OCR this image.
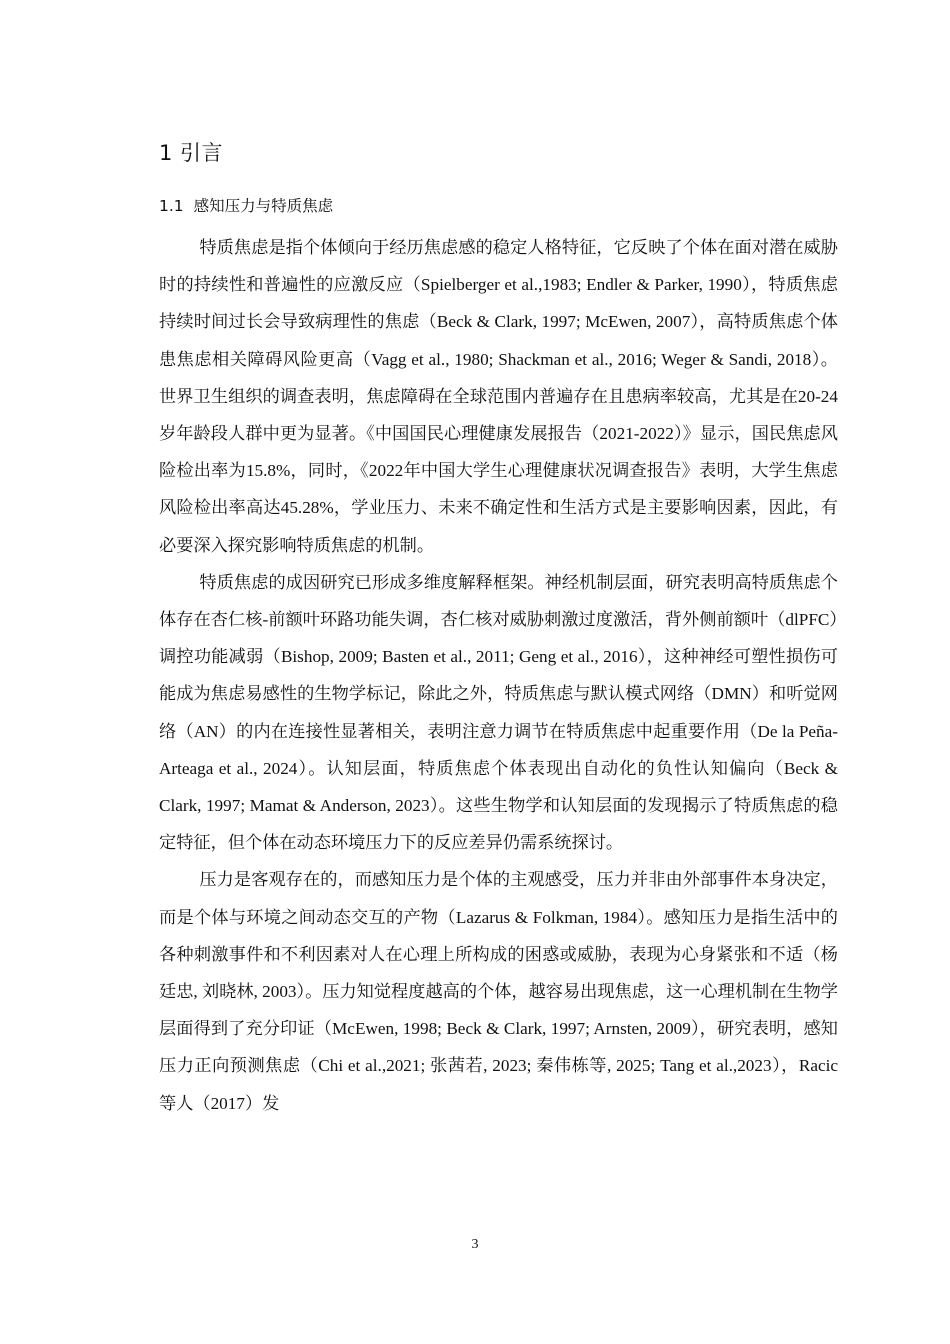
1 引言
1.1 感知压力与特质焦虑

特质焦虑是指个体倾向于经历焦虑感的稳定人格特征，它反映了个体在面对潜在威胁时的持续性和普遍性的应激反应（Spielberger et al.,1983; Endler & Parker, 1990），特质焦虑持续时间过长会导致病理性的焦虑（Beck & Clark, 1997; McEwen, 2007），高特质焦虑个体患焦虑相关障碍风险更高（Vagg et al., 1980; Shackman et al., 2016; Weger & Sandi, 2018）。世界卫生组织的调查表明，焦虑障碍在全球范围内普遍存在且患病率较高，尤其是在20-24岁年龄段人群中更为显著。《中国国民心理健康发展报告（2021-2022）》显示，国民焦虑风险检出率为15.8%，同时，《2022年中国大学生心理健康状况调查报告》表明，大学生焦虑风险检出率高达45.28%，学业压力、未来不确定性和生活方式是主要影响因素，因此，有必要深入探究影响特质焦虑的机制。

特质焦虑的成因研究已形成多维度解释框架。神经机制层面，研究表明高特质焦虑个体存在杏仁核-前额叶环路功能失调，杏仁核对威胁刺激过度激活，背外侧前额叶（dlPFC）调控功能减弱（Bishop, 2009; Basten et al., 2011; Geng et al., 2016），这种神经可塑性损伤可能成为焦虑易感性的生物学标记，除此之外，特质焦虑与默认模式网络（DMN）和听觉网络（AN）的内在连接性显著相关，表明注意力调节在特质焦虑中起重要作用（De la Peña-Arteaga et al., 2024）。认知层面，特质焦虑个体表现出自动化的负性认知偏向（Beck & Clark, 1997; Mamat & Anderson, 2023）。这些生物学和认知层面的发现揭示了特质焦虑的稳定特征，但个体在动态环境压力下的反应差异仍需系统探讨。

压力是客观存在的，而感知压力是个体的主观感受，压力并非由外部事件本身决定，而是个体与环境之间动态交互的产物（Lazarus & Folkman, 1984）。感知压力是指生活中的各种刺激事件和不利因素对人在心理上所构成的困惑或威胁，表现为心身紧张和不适（杨廷忠, 刘晓林, 2003）。压力知觉程度越高的个体，越容易出现焦虑，这一心理机制在生物学层面得到了充分印证（McEwen, 1998; Beck & Clark, 1997; Arnsten, 2009），研究表明，感知压力正向预测焦虑（Chi et al.,2021; 张茜若, 2023; 秦伟栋等, 2025; Tang et al.,2023），Racic等人（2017）发

3
